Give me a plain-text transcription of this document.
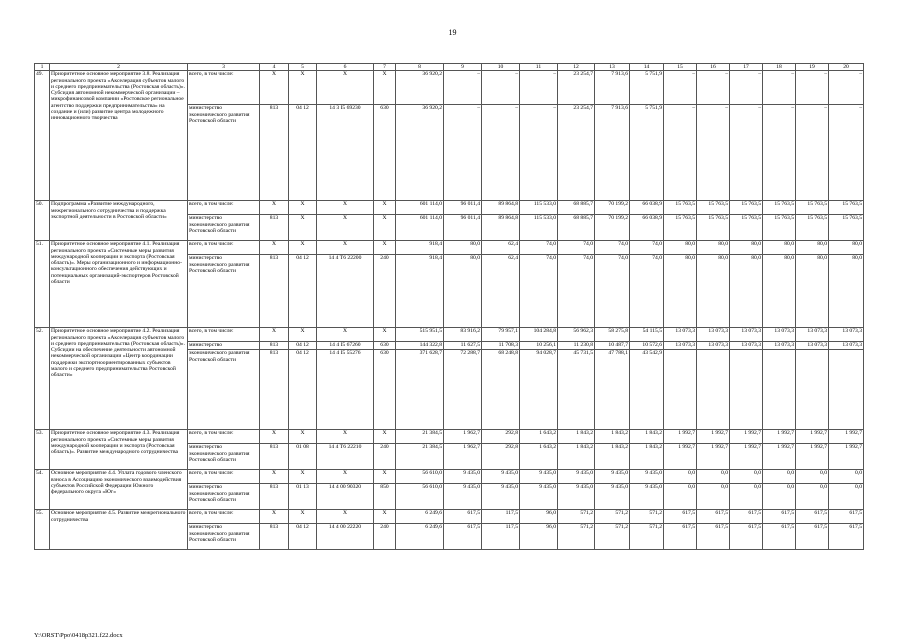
19
1	2	3	4	5	6	7	8	9	10	11	12	13	14	15	16	17	18	19	20
49.	Приоритетное основное мероприятие 3.8. Реализация регионального проекта «Акселерация субъектов малого и среднего предпринимательства (Ростовская область)». Субсидия автономной некоммерческой организации – микрофинансовой компании «Ростовское региональное агентство поддержки предпринимательства» на создание и (или) развитие центра молодежного инновационного творчества	всего, в том числе:	X	X	X	X	36 920,2	–	–	–	23 254,7	7 913,6	5 751,9	–	–	–	–	–	–
		министерство экономического развития Ростовской области	813	04 12	14 3 I5 69230	630	36 920,2	–	–	–	23 254,7	7 913,6	5 751,9	–	–	–	–	–	–
50.	Подпрограмма «Развитие международного, межрегионального сотрудничества и поддержка экспортной деятельности в Ростовской области»	всего, в том числе:	X	X	X	X	601 114,0	96 011,4	89 864,8	115 533,0	68 885,7	70 199,2	66 038,9	15 763,5	15 763,5	15 763,5	15 763,5	15 763,5	15 763,5
		министерство экономического развития Ростовской области	813	X	X	X	601 114,0	96 011,4	89 864,8	115 533,0	68 885,7	70 199,2	66 038,9	15 763,5	15 763,5	15 763,5	15 763,5	15 763,5	15 763,5
51.	Приоритетное основное мероприятие 4.1. Реализация регионального проекта «Системные меры развития международной кооперации и экспорта (Ростовская область)». Меры организационного и информационно-консультационного обеспечения действующих и потенциальных организаций-экспортеров Ростовской области	всего, в том числе:	X	X	X	X	918,4	80,0	62,4	74,0	74,0	74,0	74,0	80,0	80,0	80,0	80,0	80,0	80,0
		министерство экономического развития Ростовской области	813	04 12	14 4 Т6 22200	240	918,4	80,0	62,4	74,0	74,0	74,0	74,0	80,0	80,0	80,0	80,0	80,0	80,0
52.	Приоритетное основное мероприятие 4.2. Реализация регионального проекта «Акселерация субъектов малого и среднего предпринимательства (Ростовская область)». Субсидии на обеспечение деятельности автономной некоммерческой организации «Центр координации поддержки экспортноориентированных субъектов малого и среднего предпринимательства Ростовской области»	всего, в том числе:	X	X	X	X	515 951,5	83 916,2	79 957,1	104 284,8	56 962,3	58 275,8	54 115,5	13 073,3	13 073,3	13 073,3	13 073,3	13 073,3	13 073,3
		министерство	813	04 12	14 4 I5 67260	630	144 322,8	11 627,5	11 708,3	10 256,1	11 230,8	10 487,7	10 572,6	13 073,3	13 073,3	13 073,3	13 073,3	13 073,3	13 073,3
		экономического развития Ростовской области	813	04 12	14 4 I5 55276	630	371 628,7	72 288,7	68 248,8	94 028,7	45 731,5	47 788,1	43 542,9						
53.	Приоритетное основное мероприятие 4.3. Реализация регионального проекта «Системные меры развития международной кооперации и экспорта (Ростовская область)». Развитие международного сотрудничества	всего, в том числе:	X	X	X	X	21 384,5	1 962,7	292,8	1 643,2	1 843,2	1 843,2	1 843,2	1 992,7	1 992,7	1 992,7	1 992,7	1 992,7	1 992,7
		министерство экономического развития Ростовской области	813	01 08	14 4 Т6 22210	240	21 384,5	1 962,7	292,8	1 643,2	1 843,2	1 843,2	1 843,2	1 992,7	1 992,7	1 992,7	1 992,7	1 992,7	1 992,7
54.	Основное мероприятие 4.4. Уплата годового членского взноса в Ассоциацию экономического взаимодействия субъектов Российской Федерации Южного федерального округа «Юг»	всего, в том числе:	X	X	X	X	56 610,0	9 435,0	9 435,0	9 435,0	9 435,0	9 435,0	9 435,0	0,0	0,0	0,0	0,0	0,0	0,0
		министерство экономического развития Ростовской области	813	01 13	14 4 00 90320	850	56 610,0	9 435,0	9 435,0	9 435,0	9 435,0	9 435,0	9 435,0	0,0	0,0	0,0	0,0	0,0	0,0
55.	Основное мероприятие 4.5. Развитие межрегионального сотрудничества	всего, в том числе:	X	X	X	X	6 249,6	617,5	117,5	96,0	571,2	571,2	571,2	617,5	617,5	617,5	617,5	617,5	617,5
		министерство экономического развития Ростовской области	813	04 12	14 4 00 22220	240	6 249,6	617,5	117,5	96,0	571,2	571,2	571,2	617,5	617,5	617,5	617,5	617,5	617,5
Y:\ORST\Ppo\0418p321.f22.docx
